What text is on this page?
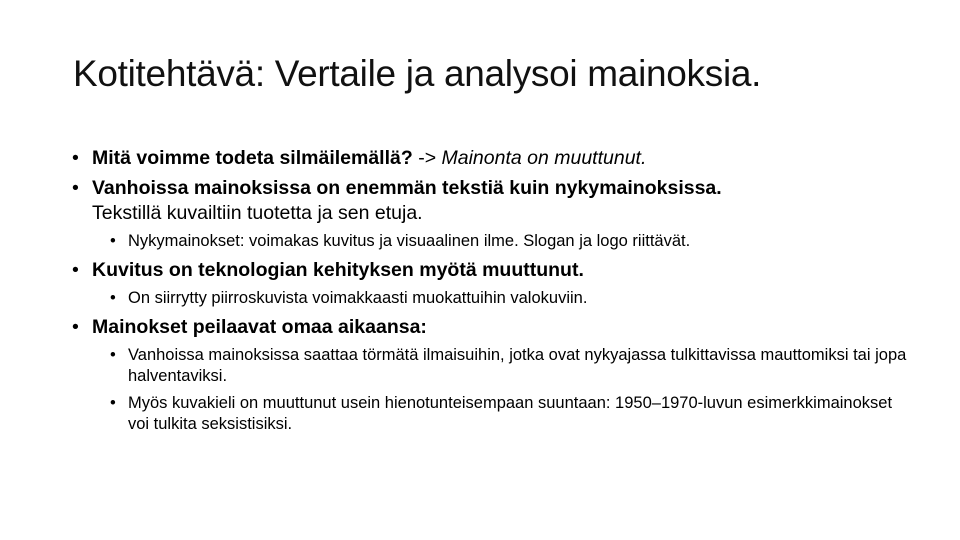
Kotitehtävä: Vertaile ja analysoi mainoksia.
• Mitä voimme todeta silmäilemällä? -> Mainonta on muuttunut.
• Vanhoissa mainoksissa on enemmän tekstiä kuin nykymainoksissa.
Tekstillä kuvailtiin tuotetta ja sen etuja.
• Nykymainokset: voimakas kuvitus ja visuaalinen ilme. Slogan ja logo riittävät.
• Kuvitus on teknologian kehityksen myötä muuttunut.
• On siirrytty piirroskuvista voimakkaasti muokattuihin valokuviin.
• Mainokset peilaavat omaa aikaansa:
• Vanhoissa mainoksissa saattaa törmätä ilmaisuihin, jotka ovat nykyajassa tulkittavissa mauttomiksi tai jopa halventaviksi.
• Myös kuvakieli on muuttunut usein hienotunteisempaan suuntaan: 1950–1970-luvun esimerkkimainokset voi tulkita seksistisiksi.
